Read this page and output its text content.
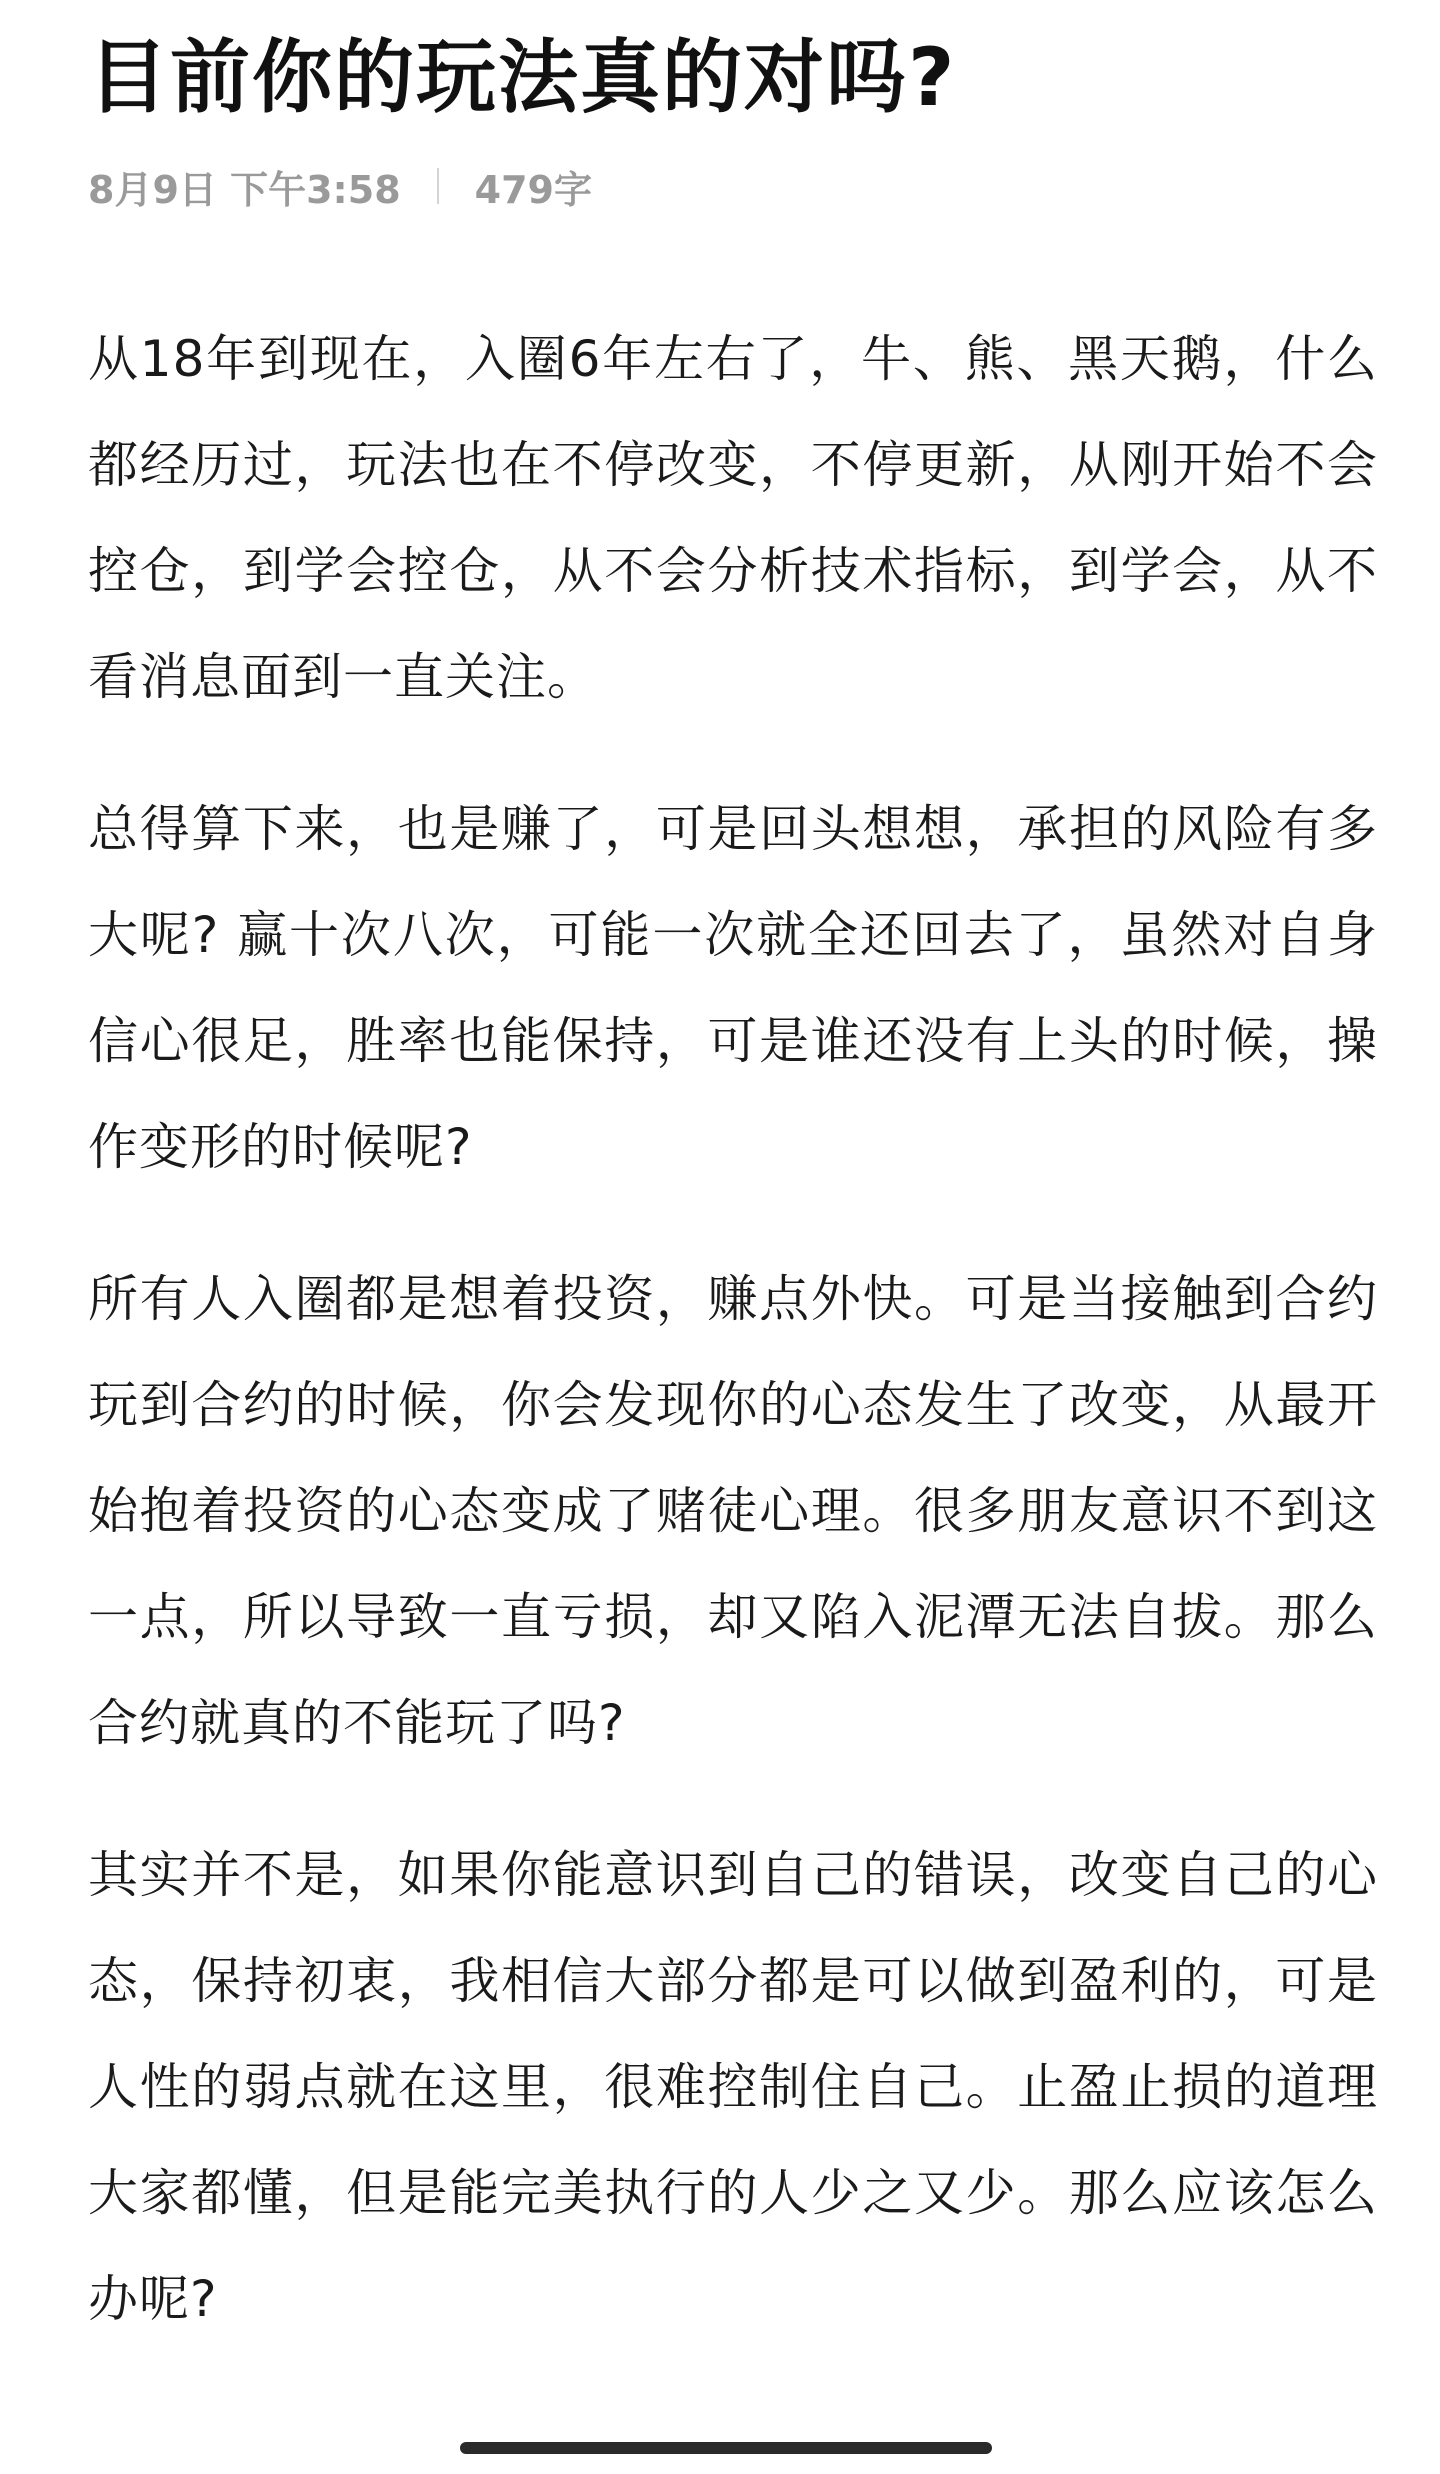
目前你的玩法真的对吗?
8月9日 下午3:58 479字

从18年到现在，入圈6年左右了，牛、熊、黑天鹅，什么都经历过，玩法也在不停改变，不停更新，从刚开始不会控仓，到学会控仓，从不会分析技术指标，到学会，从不看消息面到一直关注。

总得算下来，也是赚了，可是回头想想，承担的风险有多大呢? 赢十次八次，可能一次就全还回去了，虽然对自身信心很足，胜率也能保持，可是谁还没有上头的时候，操作变形的时候呢?

所有人入圈都是想着投资，赚点外快。可是当接触到合约玩到合约的时候，你会发现你的心态发生了改变，从最开始抱着投资的心态变成了赌徒心理。很多朋友意识不到这一点，所以导致一直亏损，却又陷入泥潭无法自拔。那么合约就真的不能玩了吗?

其实并不是，如果你能意识到自己的错误，改变自己的心态，保持初衷，我相信大部分都是可以做到盈利的，可是人性的弱点就在这里，很难控制住自己。止盈止损的道理大家都懂，但是能完美执行的人少之又少。那么应该怎么办呢?
